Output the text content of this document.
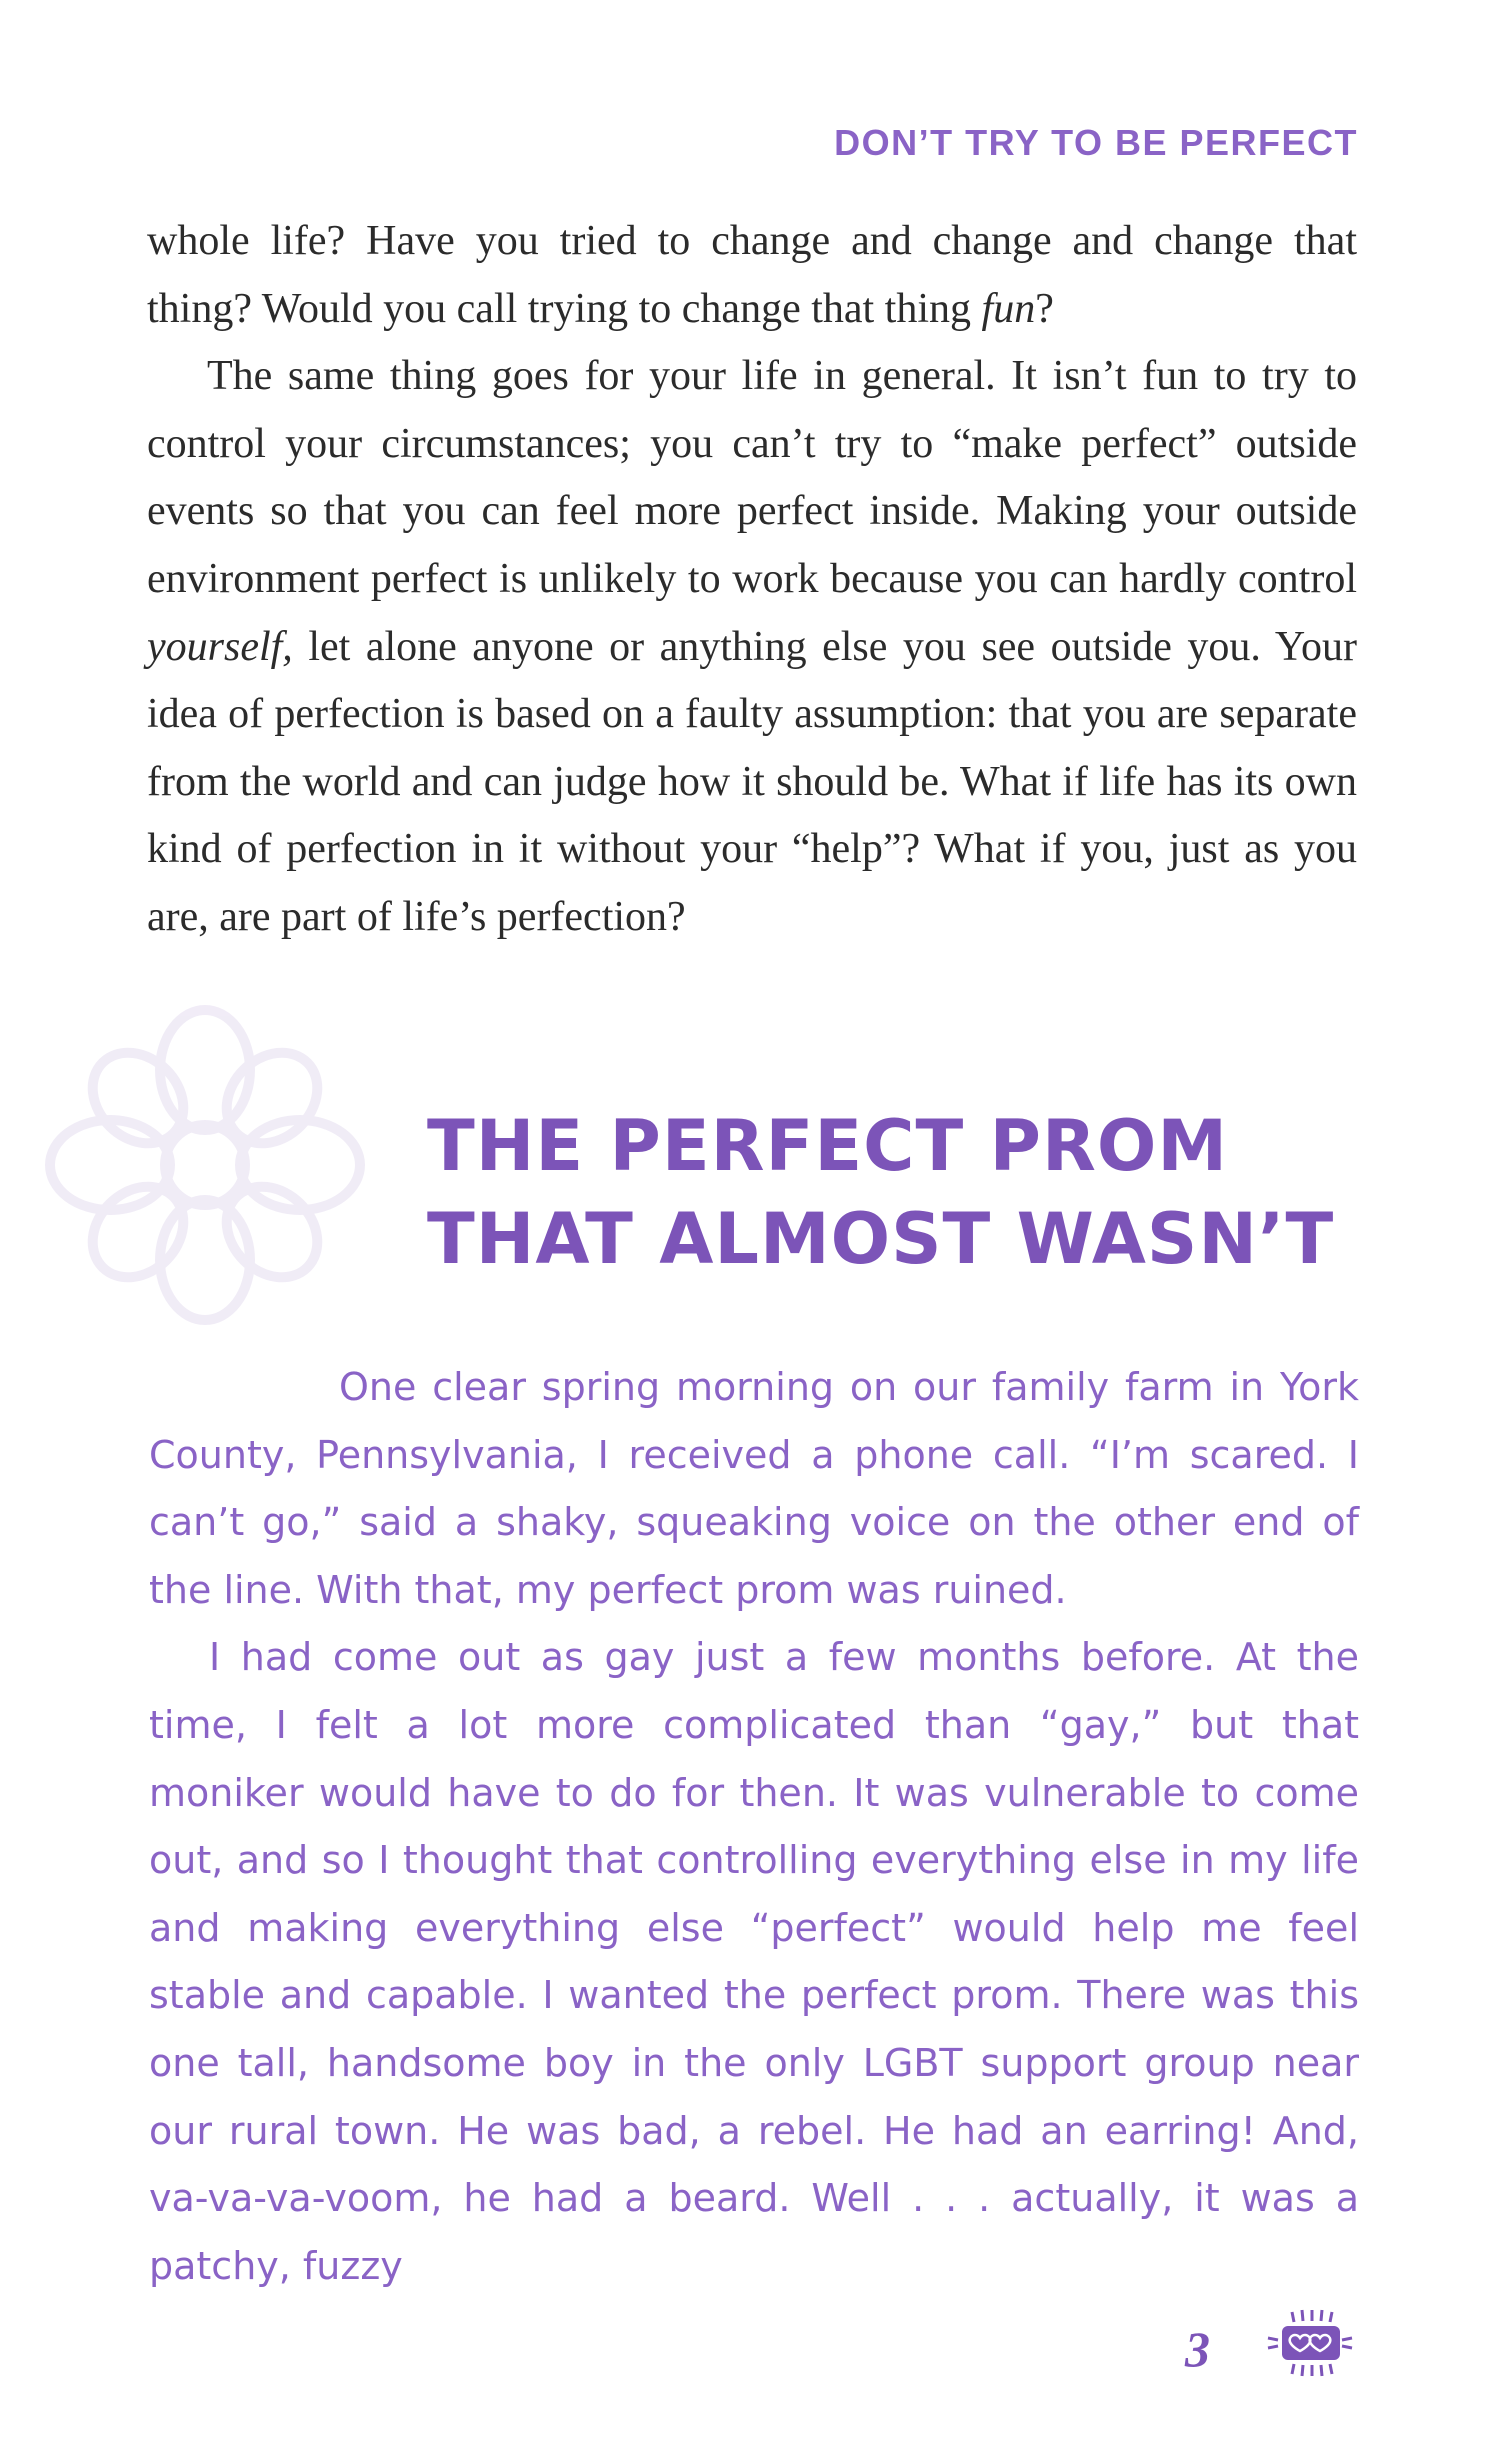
DON’T TRY TO BE PERFECT

whole life? Have you tried to change and change and change that thing? Would you call trying to change that thing fun?

The same thing goes for your life in general. It isn’t fun to try to control your circumstances; you can’t try to “make perfect” outside events so that you can feel more perfect inside. Making your outside environment perfect is unlikely to work because you can hardly control yourself, let alone anyone or anything else you see outside you. Your idea of perfection is based on a faulty assumption: that you are separate from the world and can judge how it should be. What if life has its own kind of perfection in it without your “help”? What if you, just as you are, are part of life’s perfection?

THE PERFECT PROM
THAT ALMOST WASN’T

One clear spring morning on our family farm in York County, Pennsylvania, I received a phone call. “I’m scared. I can’t go,” said a shaky, squeaking voice on the other end of the line. With that, my perfect prom was ruined.

I had come out as gay just a few months before. At the time, I felt a lot more complicated than “gay,” but that moniker would have to do for then. It was vulnerable to come out, and so I thought that controlling everything else in my life and making everything else “perfect” would help me feel stable and capable. I wanted the perfect prom. There was this one tall, handsome boy in the only LGBT support group near our rural town. He was bad, a rebel. He had an earring! And, va-va-va-voom, he had a beard. Well . . . actually, it was a patchy, fuzzy

3
